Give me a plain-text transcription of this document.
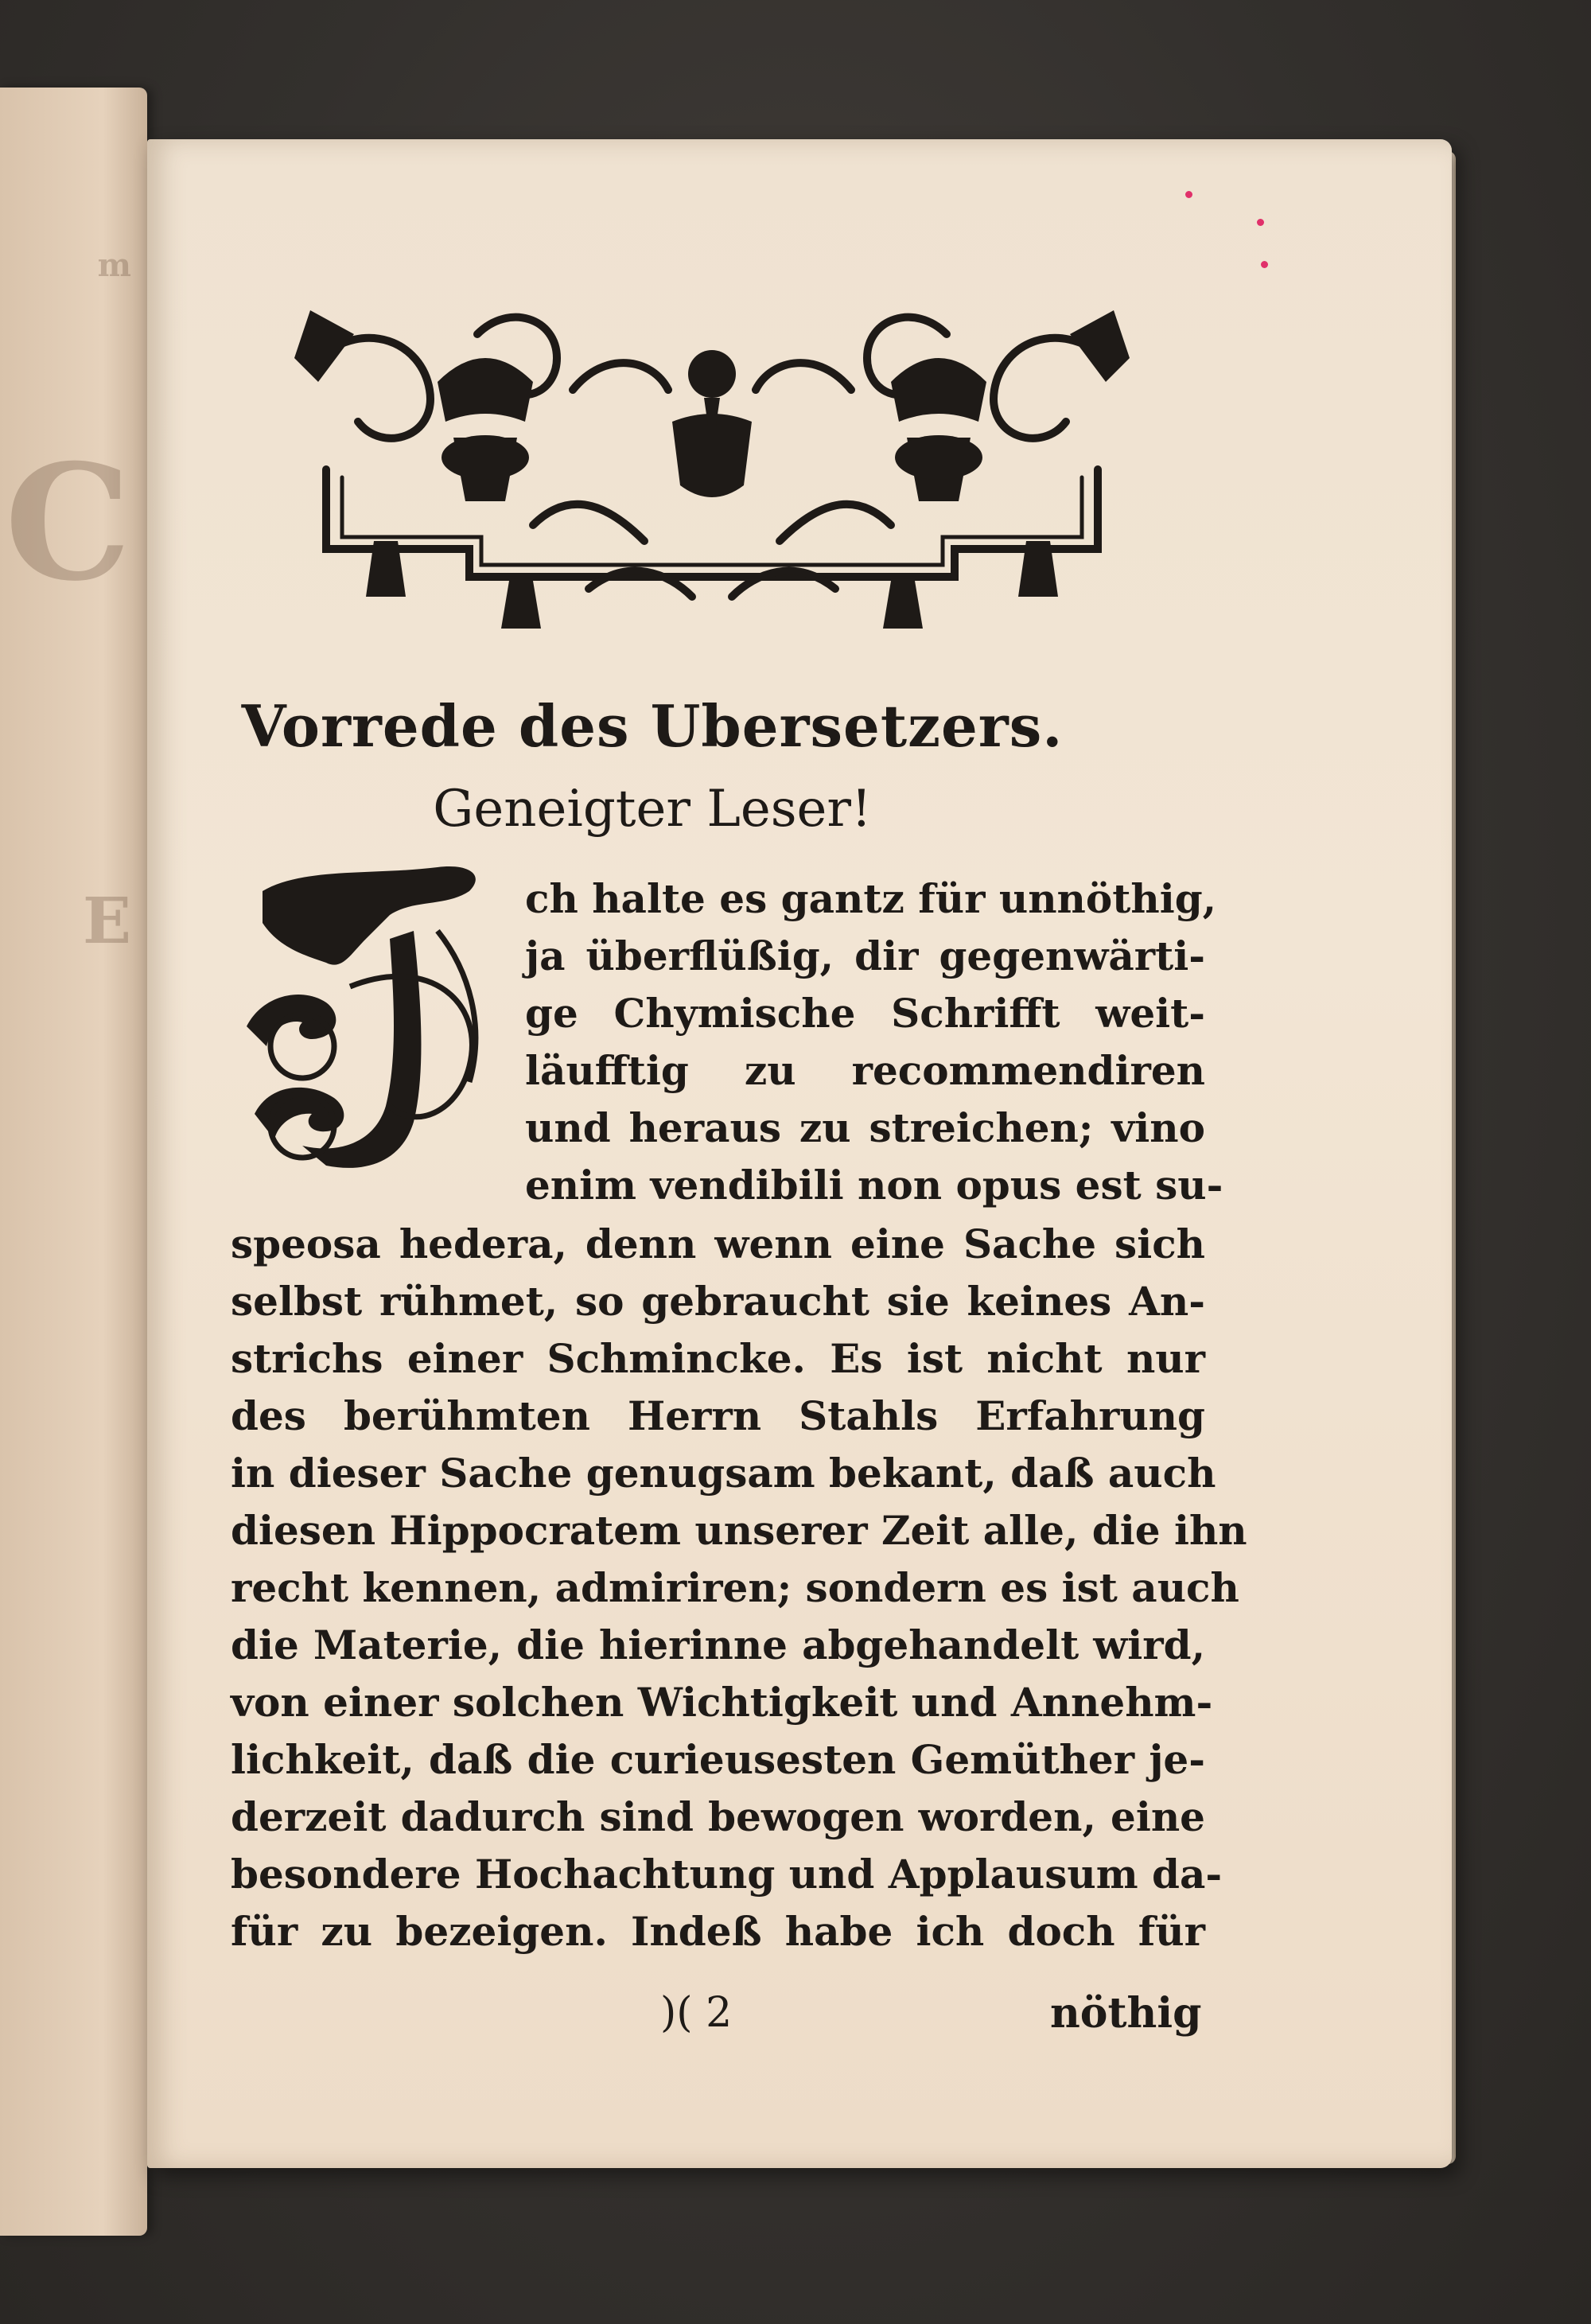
m
C
E
Vorrede des Ubersetzers.
Geneigter Leser!
ch halte es gantz für unnöthig,
ja überflüßig, dir gegenwärti-
ge Chymische Schrifft weit-
läufftig zu recommendiren
und heraus zu streichen; vino
enim vendibili non opus est su-
speosa hedera, denn wenn eine Sache sich
selbst rühmet, so gebraucht sie keines An-
strichs einer Schmincke. Es ist nicht nur
des berühmten Herrn Stahls Erfahrung
in dieser Sache genugsam bekant, daß auch
diesen Hippocratem unserer Zeit alle, die ihn
recht kennen, admiriren; sondern es ist auch
die Materie, die hierinne abgehandelt wird,
von einer solchen Wichtigkeit und Annehm-
lichkeit, daß die curieusesten Gemüther je-
derzeit dadurch sind bewogen worden, eine
besondere Hochachtung und Applausum da-
für zu bezeigen. Indeß habe ich doch für
)( 2	nöthig
